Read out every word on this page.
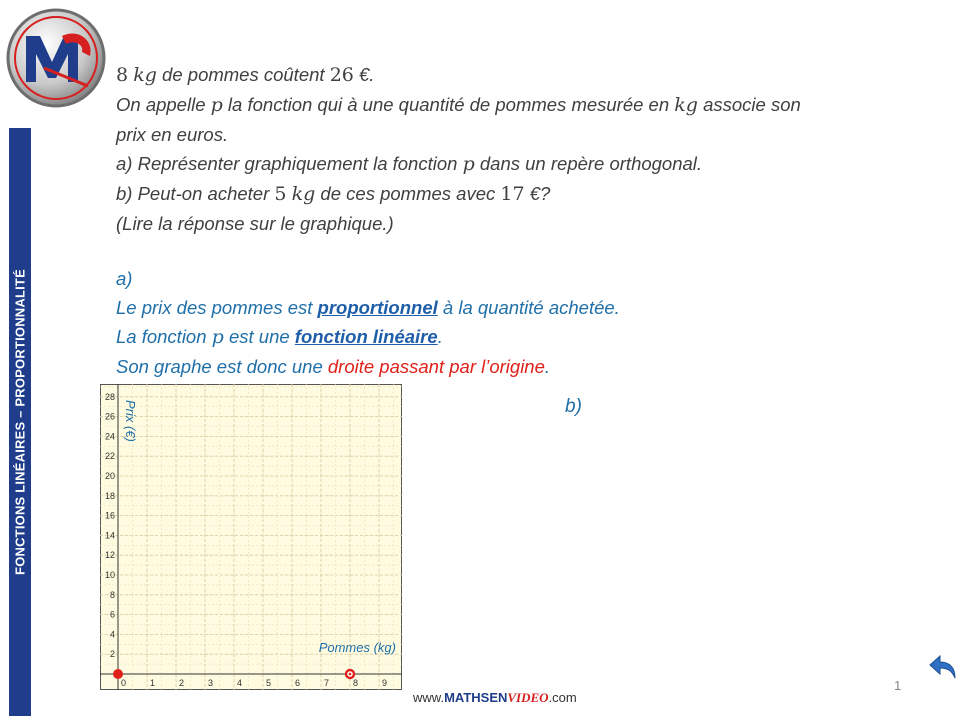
FONCTIONS LINÉAIRES – PROPORTIONNALITÉ
8 kg de pommes coûtent 26 €.
On appelle p la fonction qui à une quantité de pommes mesurée en kg associe son
prix en euros.
a) Représenter graphiquement la fonction p dans un repère orthogonal.
b) Peut-on acheter 5 kg de ces pommes avec 17 €?
(Lire la réponse sur le graphique.)
a)
Le prix des pommes est proportionnel à la quantité achetée.
La fonction p est une fonction linéaire.
Son graphe est donc une droite passant par l’origine.
b)
0	1	2	3	4	5	6	7	8	9
2
4
6
8
10
12
14
16
18
20
22
24
26
28
Prix (€)
Pommes (kg)
1
www.MATHSENVIDEO.com
